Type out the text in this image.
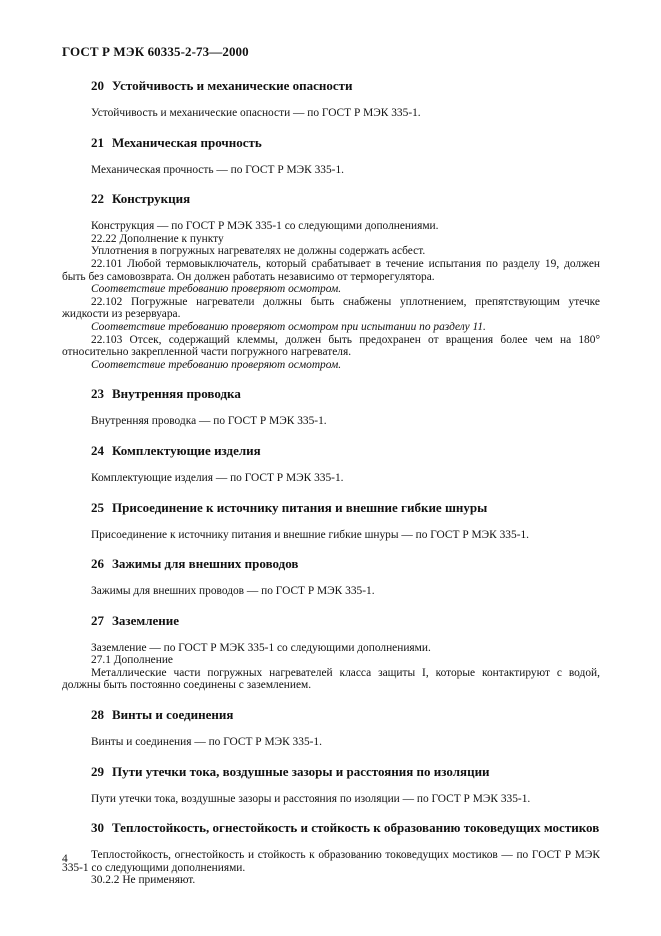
ГОСТ Р МЭК 60335-2-73—2000
20 Устойчивость и механические опасности

Устойчивость и механические опасности — по ГОСТ Р МЭК 335-1.

21 Механическая прочность

Механическая прочность — по ГОСТ Р МЭК 335-1.

22 Конструкция

Конструкция — по ГОСТ Р МЭК 335-1 со следующими дополнениями.

22.22 Дополнение к пункту

Уплотнения в погружных нагревателях не должны содержать асбест.

22.101 Любой термовыключатель, который срабатывает в течение испытания по разделу 19, должен быть без самовозврата. Он должен работать независимо от терморегулятора.

Соответствие требованию проверяют осмотром.

22.102 Погружные нагреватели должны быть снабжены уплотнением, препятствующим утечке жидкости из резервуара.

Соответствие требованию проверяют осмотром при испытании по разделу 11.

22.103 Отсек, содержащий клеммы, должен быть предохранен от вращения более чем на 180° относительно закрепленной части погружного нагревателя.

Соответствие требованию проверяют осмотром.

23 Внутренняя проводка

Внутренняя проводка — по ГОСТ Р МЭК 335-1.

24 Комплектующие изделия

Комплектующие изделия — по ГОСТ Р МЭК 335-1.

25 Присоединение к источнику питания и внешние гибкие шнуры

Присоединение к источнику питания и внешние гибкие шнуры — по ГОСТ Р МЭК 335-1.

26 Зажимы для внешних проводов

Зажимы для внешних проводов — по ГОСТ Р МЭК 335-1.

27 Заземление

Заземление — по ГОСТ Р МЭК 335-1 со следующими дополнениями.

27.1 Дополнение

Металлические части погружных нагревателей класса защиты I, которые контактируют с водой, должны быть постоянно соединены с заземлением.

28 Винты и соединения

Винты и соединения — по ГОСТ Р МЭК 335-1.

29 Пути утечки тока, воздушные зазоры и расстояния по изоляции

Пути утечки тока, воздушные зазоры и расстояния по изоляции — по ГОСТ Р МЭК 335-1.

30 Теплостойкость, огнестойкость и стойкость к образованию токоведущих мостиков

Теплостойкость, огнестойкость и стойкость к образованию токоведущих мостиков — по ГОСТ Р МЭК 335-1 со следующими дополнениями.

30.2.2 Не применяют.

4
